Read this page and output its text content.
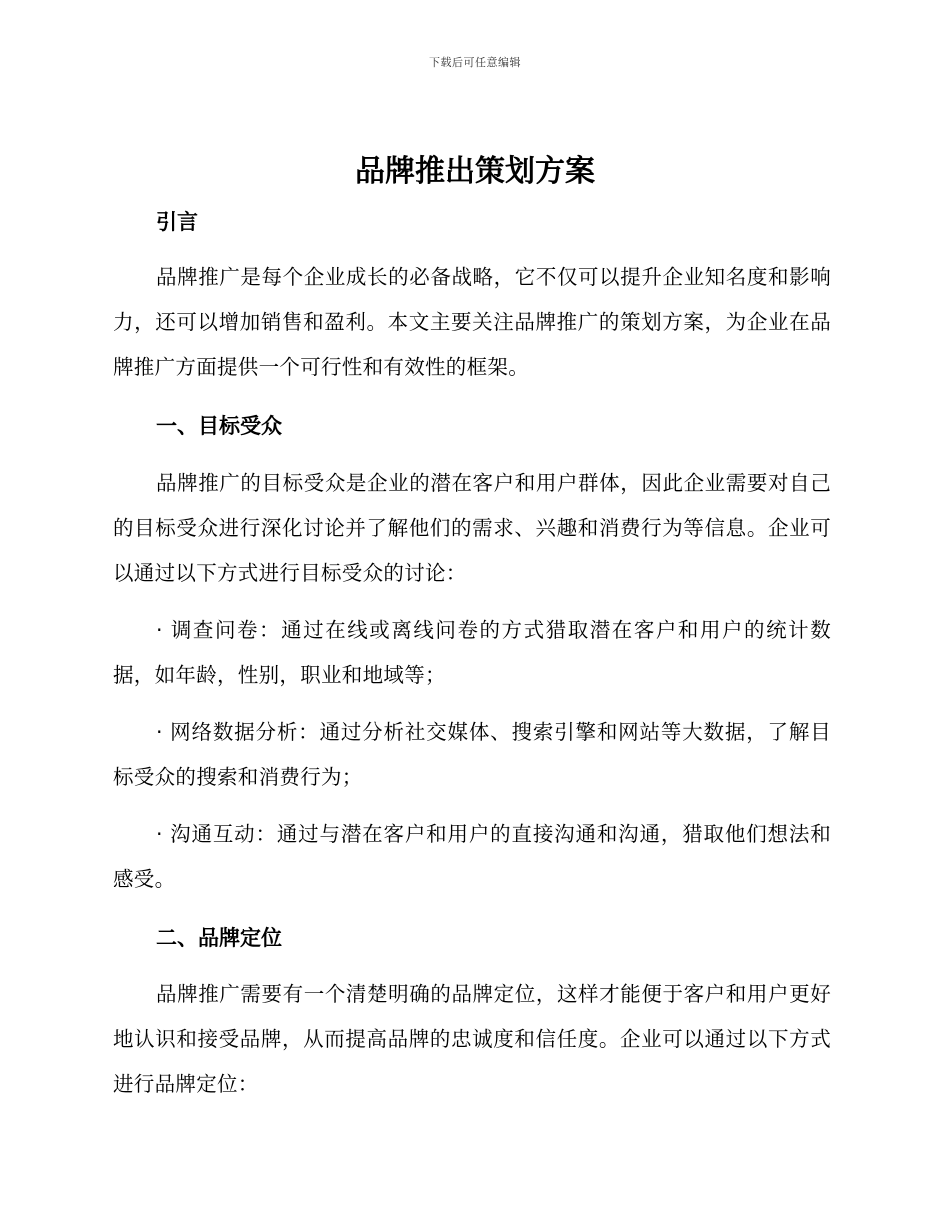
下载后可任意编辑
品牌推出策划方案
引言

品牌推广是每个企业成长的必备战略，它不仅可以提升企业知名度和影响力，还可以增加销售和盈利。本文主要关注品牌推广的策划方案，为企业在品牌推广方面提供一个可行性和有效性的框架。

一、目标受众

品牌推广的目标受众是企业的潜在客户和用户群体，因此企业需要对自己的目标受众进行深化讨论并了解他们的需求、兴趣和消费行为等信息。企业可以通过以下方式进行目标受众的讨论：

· 调查问卷：通过在线或离线问卷的方式猎取潜在客户和用户的统计数据，如年龄，性别，职业和地域等；

· 网络数据分析：通过分析社交媒体、搜索引擎和网站等大数据，了解目标受众的搜索和消费行为；

· 沟通互动：通过与潜在客户和用户的直接沟通和沟通，猎取他们想法和感受。

二、品牌定位

品牌推广需要有一个清楚明确的品牌定位，这样才能便于客户和用户更好地认识和接受品牌，从而提高品牌的忠诚度和信任度。企业可以通过以下方式进行品牌定位：
